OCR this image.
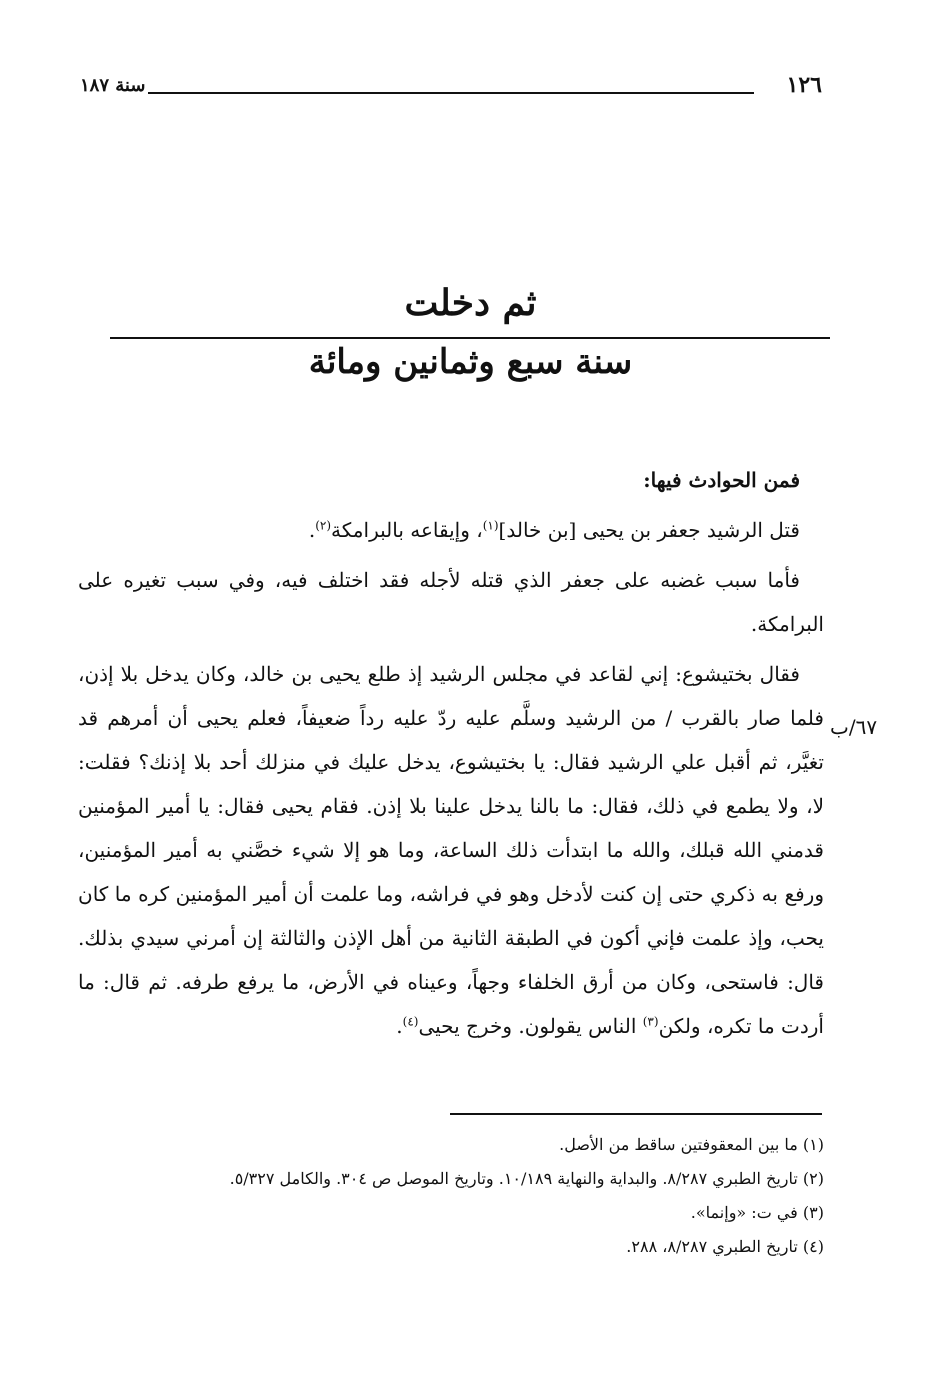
١٢٦
سنة ١٨٧
ثم دخلت
سنة سبع وثمانين ومائة

فمن الحوادث فيها:

قتل الرشيد جعفر بن يحيى [بن خالد]$^{(١)}$، وإيقاعه بالبرامكة$^{(٢)}$.

فأما سبب غضبه على جعفر الذي قتله لأجله فقد اختلف فيه، وفي سبب تغيره على البرامكة.

فقال بختيشوع: إني لقاعد في مجلس الرشيد إذ طلع يحيى بن خالد، وكان يدخل بلا إذن، فلما صار بالقرب / من الرشيد وسلَّم عليه ردّ عليه رداً ضعيفاً، فعلم يحيى أن أمرهم قد تغيَّر، ثم أقبل علي الرشيد فقال: يا بختيشوع، يدخل عليك في منزلك أحد بلا إذنك؟ فقلت: لا، ولا يطمع في ذلك، فقال: ما بالنا يدخل علينا بلا إذن. فقام يحيى فقال: يا أمير المؤمنين قدمني الله قبلك، والله ما ابتدأت ذلك الساعة، وما هو إلا شيء خصَّني به أمير المؤمنين، ورفع به ذكري حتى إن كنت لأدخل وهو في فراشه، وما علمت أن أمير المؤمنين كره ما كان يحب، وإذ علمت فإني أكون في الطبقة الثانية من أهل الإذن والثالثة إن أمرني سيدي بذلك. قال: فاستحى، وكان من أرق الخلفاء وجهاً، وعيناه في الأرض، ما يرفع طرفه. ثم قال: ما أردت ما تكره، ولكن$^{(٣)}$ الناس يقولون. وخرج يحيى$^{(٤)}$.

٦٧/ب
(١) ما بين المعقوفتين ساقط من الأصل.
(٢) تاريخ الطبري ٨/٢٨٧. والبداية والنهاية ١٠/١٨٩. وتاريخ الموصل ص ٣٠٤. والكامل ٥/٣٢٧.
(٣) في ت: «وإنما».
(٤) تاريخ الطبري ٨/٢٨٧، ٢٨٨.
